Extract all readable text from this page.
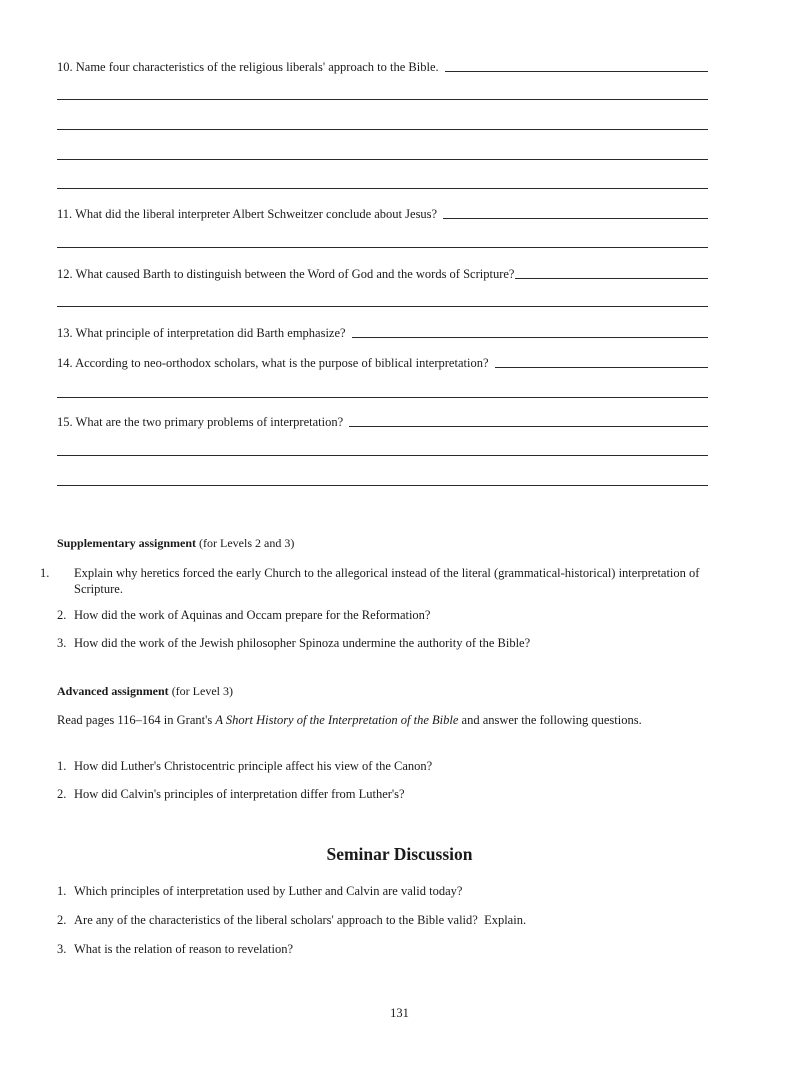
10. Name four characteristics of the religious liberals' approach to the Bible.
11. What did the liberal interpreter Albert Schweitzer conclude about Jesus?
12. What caused Barth to distinguish between the Word of God and the words of Scripture?
13. What principle of interpretation did Barth emphasize?
14. According to neo-orthodox scholars, what is the purpose of biblical interpretation?
15. What are the two primary problems of interpretation?
Supplementary assignment (for Levels 2 and 3)
1. Explain why heretics forced the early Church to the allegorical instead of the literal (grammatical-historical) interpretation of Scripture.
2. How did the work of Aquinas and Occam prepare for the Reformation?
3. How did the work of the Jewish philosopher Spinoza undermine the authority of the Bible?
Advanced assignment (for Level 3)
Read pages 116–164 in Grant's A Short History of the Interpretation of the Bible and answer the following questions.
1. How did Luther's Christocentric principle affect his view of the Canon?
2. How did Calvin's principles of interpretation differ from Luther's?
Seminar Discussion
1. Which principles of interpretation used by Luther and Calvin are valid today?
2. Are any of the characteristics of the liberal scholars' approach to the Bible valid?  Explain.
3. What is the relation of reason to revelation?
131
